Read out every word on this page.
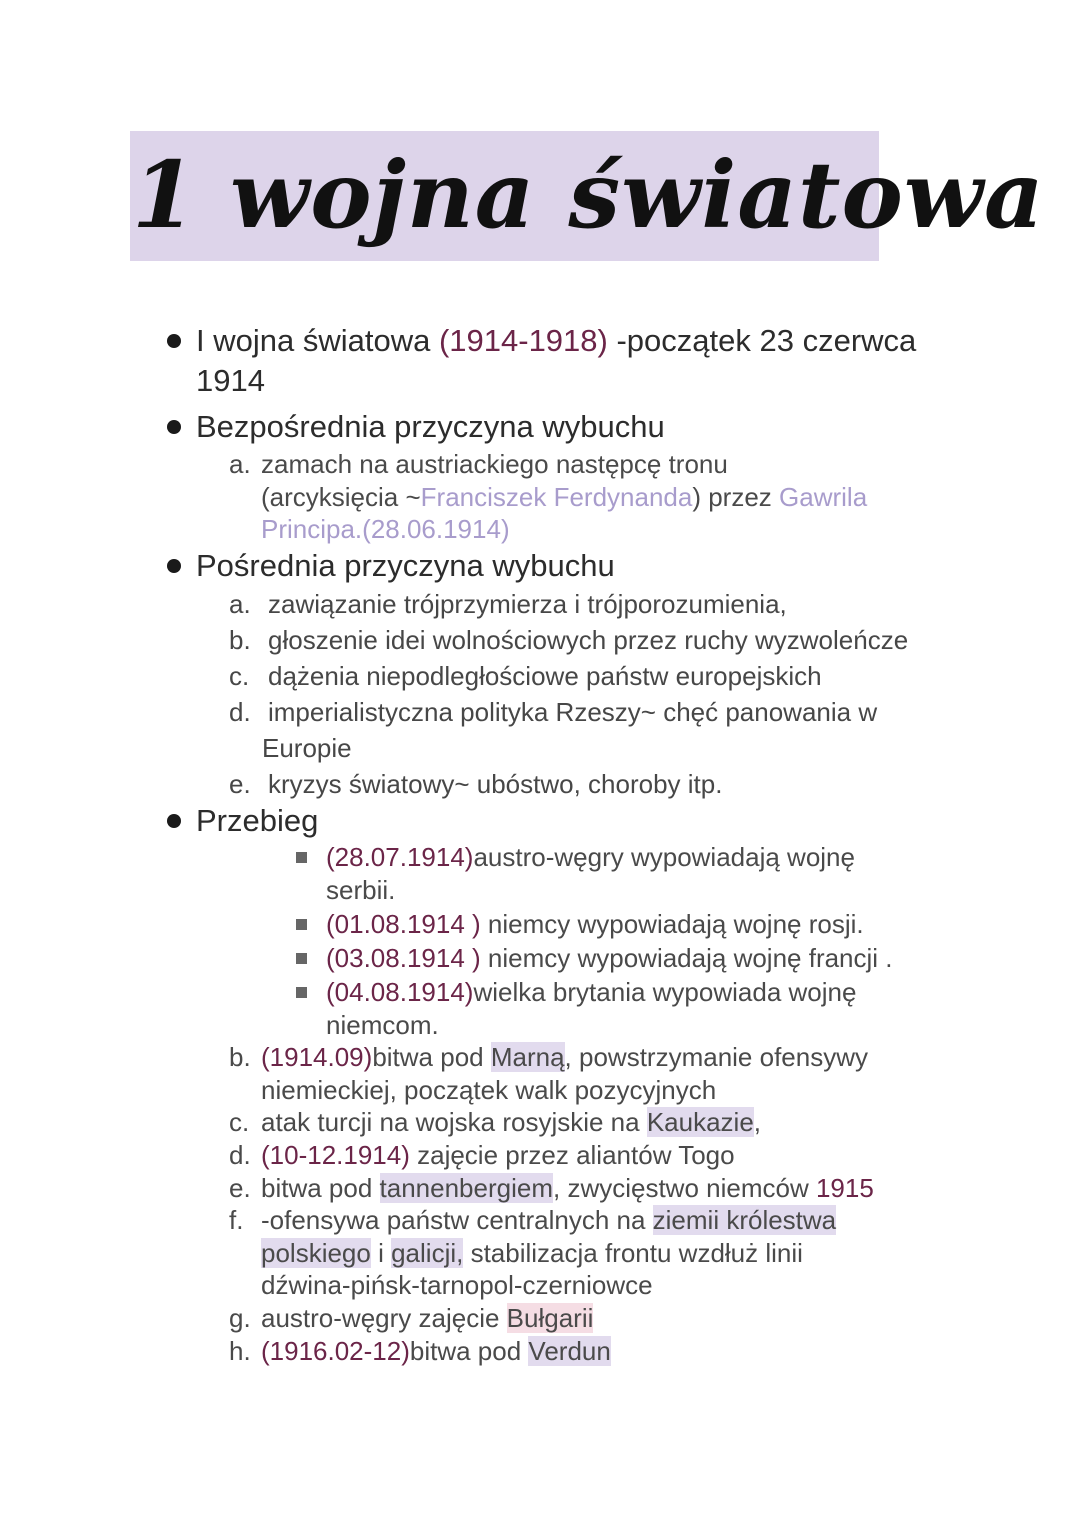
1 wojna światowa
I wojna światowa (1914-1918) -początek 23 czerwca
1914
Bezpośrednia przyczyna wybuchu
a. zamach na austriackiego następcę tronu
(arcyksięcia ~Franciszek Ferdynanda) przez Gawrila
Principa.(28.06.1914)
Pośrednia przyczyna wybuchu
a. zawiązanie trójprzymierza i trójporozumienia,
b. głoszenie idei wolnościowych przez ruchy wyzwoleńcze
c. dążenia niepodległościowe państw europejskich
d. imperialistyczna polityka Rzeszy~ chęć panowania w
Europie
e. kryzys światowy~ ubóstwo, choroby itp.
Przebieg
(28.07.1914)austro-węgry wypowiadają wojnę
serbii.
(01.08.1914 ) niemcy wypowiadają wojnę rosji.
(03.08.1914 ) niemcy wypowiadają wojnę francji .
(04.08.1914)wielka brytania wypowiada wojnę
niemcom.
b. (1914.09)bitwa pod Marną, powstrzymanie ofensywy
niemieckiej, początek walk pozycyjnych
c. atak turcji na wojska rosyjskie na Kaukazie,
d. (10-12.1914) zajęcie przez aliantów Togo
e. bitwa pod tannenbergiem, zwycięstwo niemców 1915
f. -ofensywa państw centralnych na ziemii królestwa
polskiego i galicji, stabilizacja frontu wzdłuż linii
dźwina-pińsk-tarnopol-czerniowce
g. austro-węgry zajęcie Bułgarii
h. (1916.02-12)bitwa pod Verdun
